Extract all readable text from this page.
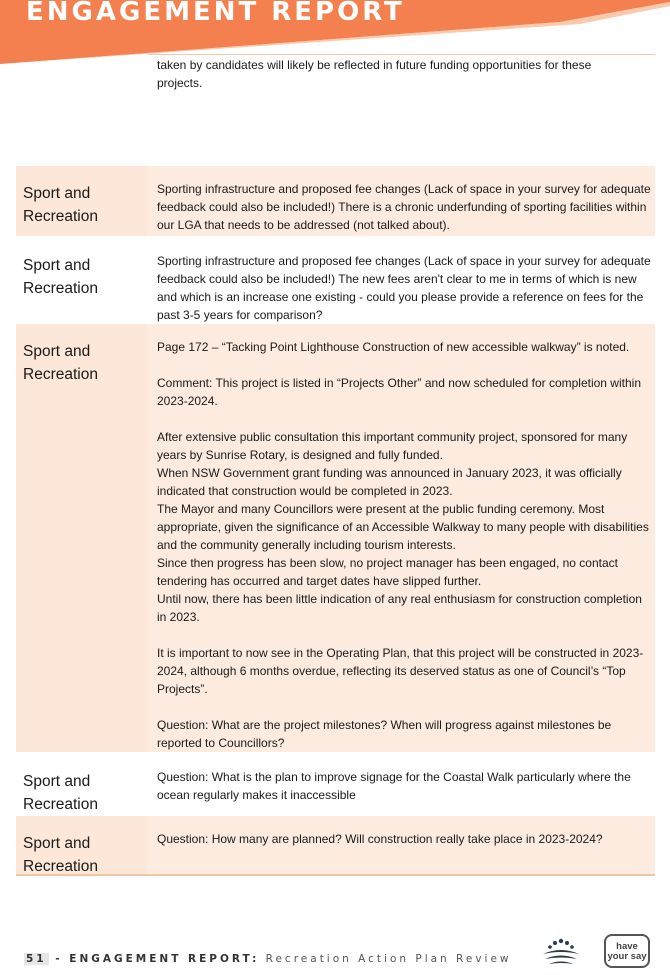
ENGAGEMENT REPORT
taken by candidates will likely be reflected in future funding opportunities for these projects.
Sport and Recreation

Sporting infrastructure and proposed fee changes (Lack of space in your survey for adequate feedback could also be included!) There is a chronic underfunding of sporting facilities within our LGA that needs to be addressed (not talked about).

Sport and Recreation

Sporting infrastructure and proposed fee changes (Lack of space in your survey for adequate feedback could also be included!) The new fees aren't clear to me in terms of which is new and which is an increase one existing - could you please provide a reference on fees for the past 3-5 years for comparison?

Sport and Recreation

Page 172 – “Tacking Point Lighthouse Construction of new accessible walkway” is noted.

Comment: This project is listed in “Projects Other” and now scheduled for completion within 2023-2024.

After extensive public consultation this important community project, sponsored for many years by Sunrise Rotary, is designed and fully funded.

When NSW Government grant funding was announced in January 2023, it was officially indicated that construction would be completed in 2023.

The Mayor and many Councillors were present at the public funding ceremony. Most appropriate, given the significance of an Accessible Walkway to many people with disabilities and the community generally including tourism interests.

Since then progress has been slow, no project manager has been engaged, no contact tendering has occurred and target dates have slipped further.

Until now, there has been little indication of any real enthusiasm for construction completion in 2023.

It is important to now see in the Operating Plan, that this project will be constructed in 2023-2024, although 6 months overdue, reflecting its deserved status as one of Council’s “Top Projects”.

Question: What are the project milestones? When will progress against milestones be reported to Councillors?

Sport and Recreation

Question: What is the plan to improve signage for the Coastal Walk particularly where the ocean regularly makes it inaccessible

Sport and Recreation

Question: How many are planned? Will construction really take place in 2023-2024?

51 - ENGAGEMENT REPORT: Recreation Action Plan Review
have your say
